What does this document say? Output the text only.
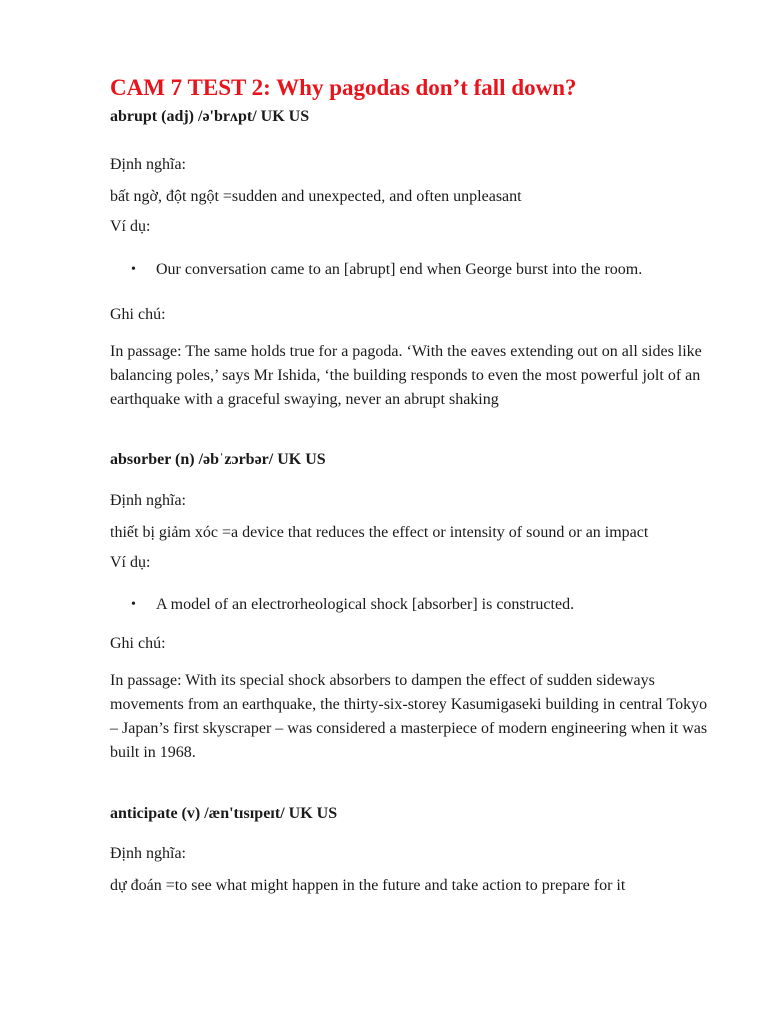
CAM 7 TEST 2: Why pagodas don’t fall down?

abrupt (adj) /ə'brʌpt/ UK US

Định nghĩa:

bất ngờ, đột ngột =sudden and unexpected, and often unpleasant

Ví dụ:

• Our conversation came to an [abrupt] end when George burst into the room.

Ghi chú:

In passage: The same holds true for a pagoda. ‘With the eaves extending out on all sides like balancing poles,’ says Mr Ishida, ‘the building responds to even the most powerful jolt of an earthquake with a graceful swaying, never an abrupt shaking

absorber (n) /əbˈzɔrbər/ UK US

Định nghĩa:

thiết bị giảm xóc =a device that reduces the effect or intensity of sound or an impact

Ví dụ:

• A model of an electrorheological shock [absorber] is constructed.

Ghi chú:

In passage: With its special shock absorbers to dampen the effect of sudden sideways movements from an earthquake, the thirty-six-storey Kasumigaseki building in central Tokyo – Japan’s first skyscraper – was considered a masterpiece of modern engineering when it was built in 1968.

anticipate (v) /æn'tɪsɪpeɪt/ UK US

Định nghĩa:

dự đoán =to see what might happen in the future and take action to prepare for it
